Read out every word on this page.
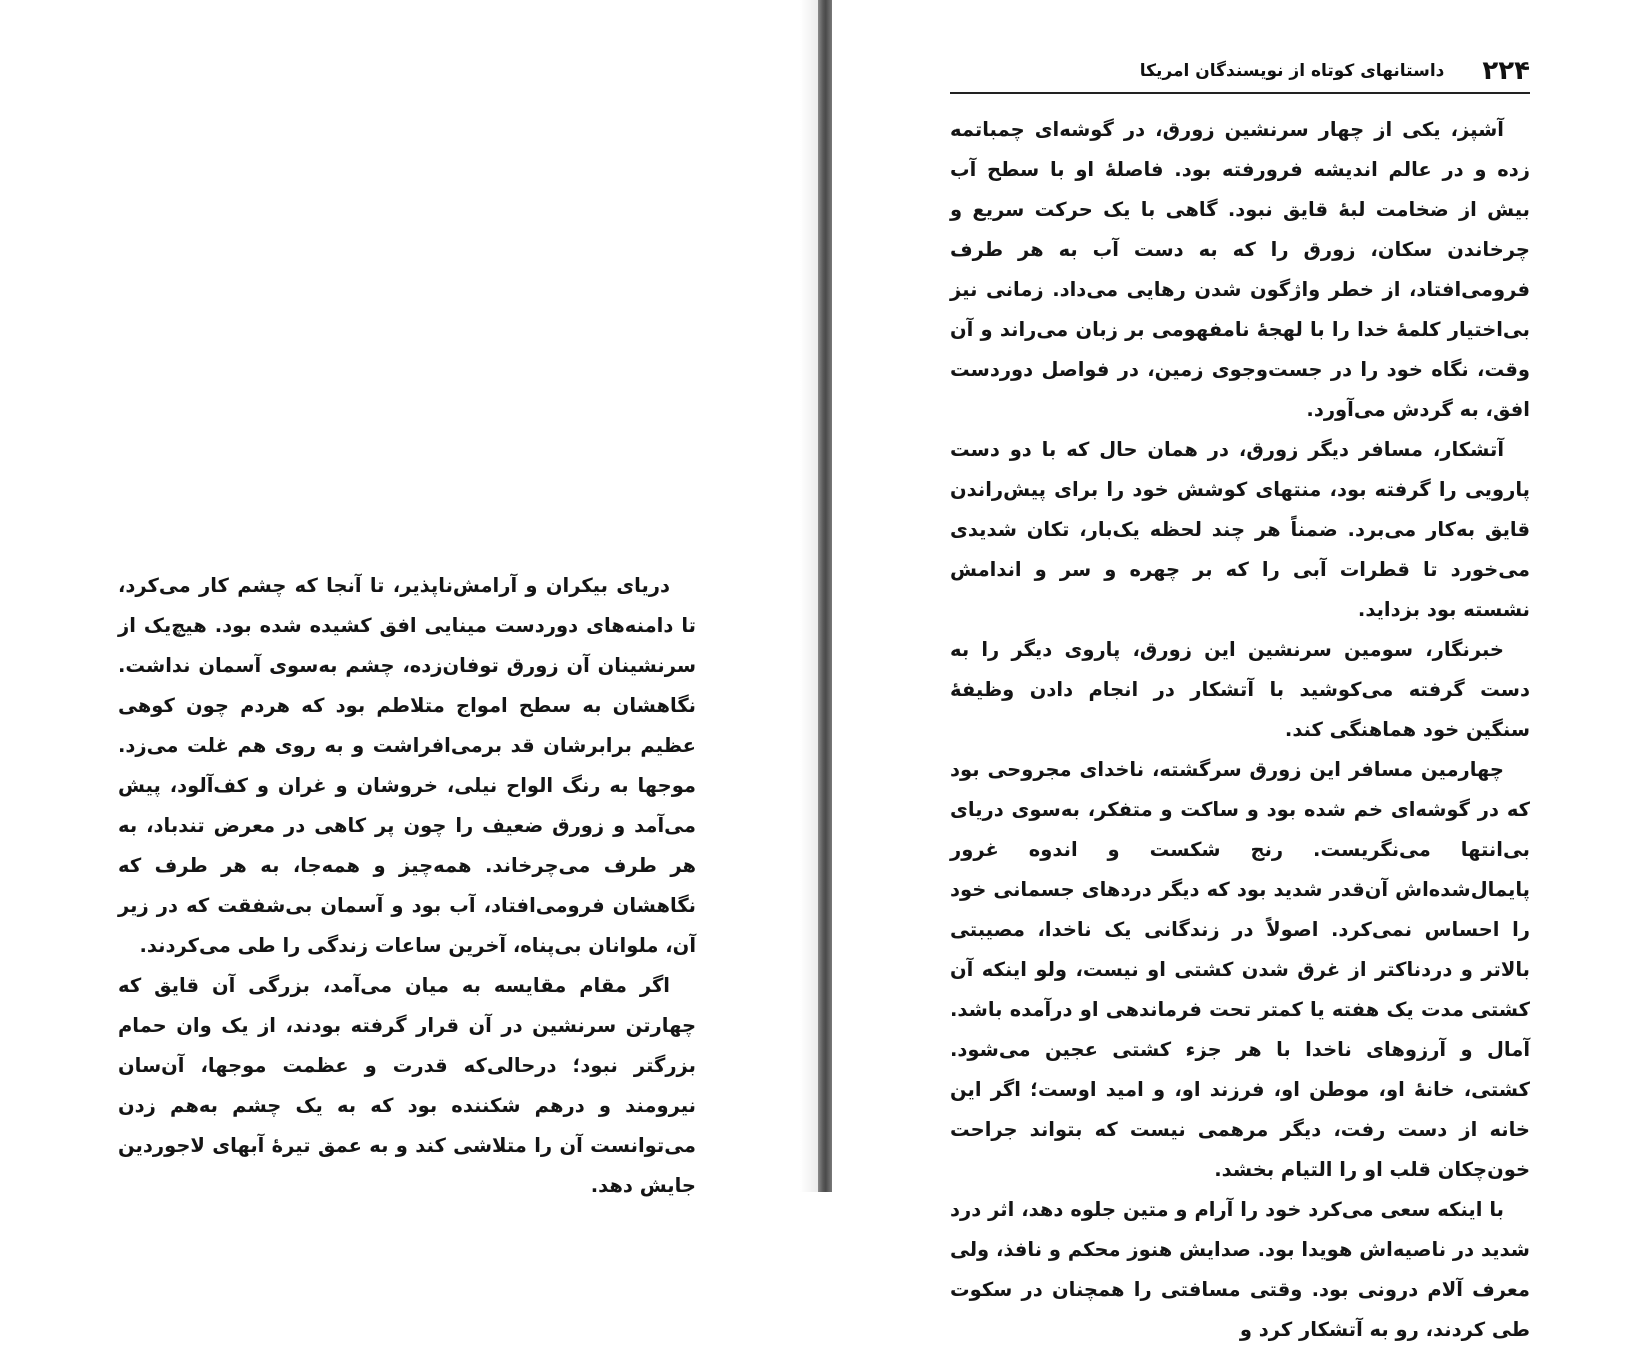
دریای بیکران و آرامش‌ناپذیر، تا آنجا که چشم کار می‌کرد، تا دامنه‌های دوردست مینایی افق کشیده شده بود. هیچ‌یک از سرنشینان آن زورق توفان‌زده، چشم به‌سوی آسمان نداشت. نگاهشان به سطح امواج متلاطم بود که هردم چون کوهی عظیم برابرشان قد برمی‌افراشت و به روی هم غلت می‌زد. موجها به رنگ الواح نیلی، خروشان و غران و کف‌آلود، پیش می‌آمد و زورق ضعیف را چون پر کاهی در معرض تندباد، به هر طرف می‌چرخاند. همه‌چیز و همه‌جا، به هر طرف که نگاهشان فرومی‌افتاد، آب بود و آسمان بی‌شفقت که در زیر آن، ملوانان بی‌پناه، آخرین ساعات زندگی را طی می‌کردند.

اگر مقام مقایسه به میان می‌آمد، بزرگی آن قایق که چهارتن سرنشین در آن قرار گرفته بودند، از یک وان حمام بزرگتر نبود؛ درحالی‌که قدرت و عظمت موجها، آن‌سان نیرومند و درهم شکننده بود که به یک چشم به‌هم زدن می‌توانست آن را متلاشی کند و به عمق تیرهٔ آبهای لاجوردین جایش دهد.

۲۲۴
داستانهای کوتاه از نویسندگان امریکا

آشپز، یکی از چهار سرنشین زورق، در گوشه‌ای چمباتمه زده و در عالم اندیشه فرورفته بود. فاصلهٔ او با سطح آب بیش از ضخامت لبهٔ قایق نبود. گاهی با یک حرکت سریع و چرخاندن سکان، زورق را که به دست آب به هر طرف فرومی‌افتاد، از خطر واژگون شدن رهایی می‌داد. زمانی نیز بی‌اختیار کلمهٔ خدا را با لهجهٔ نامفهومی بر زبان می‌راند و آن وقت، نگاه خود را در جست‌وجوی زمین، در فواصل دوردست افق، به گردش می‌آورد.

آتشکار، مسافر دیگر زورق، در همان حال که با دو دست پارویی را گرفته بود، منتهای کوشش خود را برای پیش‌راندن قایق به‌کار می‌برد. ضمناً هر چند لحظه یک‌بار، تکان شدیدی می‌خورد تا قطرات آبی را که بر چهره و سر و اندامش نشسته بود بزداید.

خبرنگار، سومین سرنشین این زورق، پاروی دیگر را به دست گرفته می‌کوشید با آتشکار در انجام دادن وظیفهٔ سنگین خود هماهنگی کند.

چهارمین مسافر این زورق سرگشته، ناخدای مجروحی بود که در گوشه‌ای خم شده بود و ساکت و متفکر، به‌سوی دریای بی‌انتها می‌نگریست. رنج شکست و اندوه غرور پایمال‌شده‌اش آن‌قدر شدید بود که دیگر دردهای جسمانی خود را احساس نمی‌کرد. اصولاً در زندگانی یک ناخدا، مصیبتی بالاتر و دردناکتر از غرق شدن کشتی او نیست، ولو اینکه آن کشتی مدت یک هفته یا کمتر تحت فرماندهی او درآمده باشد. آمال و آرزوهای ناخدا با هر جزء کشتی عجین می‌شود. کشتی، خانهٔ او، موطن او، فرزند او، و امید اوست؛ اگر این خانه از دست رفت، دیگر مرهمی نیست که بتواند جراحت خون‌چکان قلب او را التیام بخشد.

با اینکه سعی می‌کرد خود را آرام و متین جلوه دهد، اثر درد شدید در ناصیه‌اش هویدا بود. صدایش هنوز محکم و نافذ، ولی معرف آلام درونی بود. وقتی مسافتی را همچنان در سکوت طی کردند، رو به آتشکار کرد و
